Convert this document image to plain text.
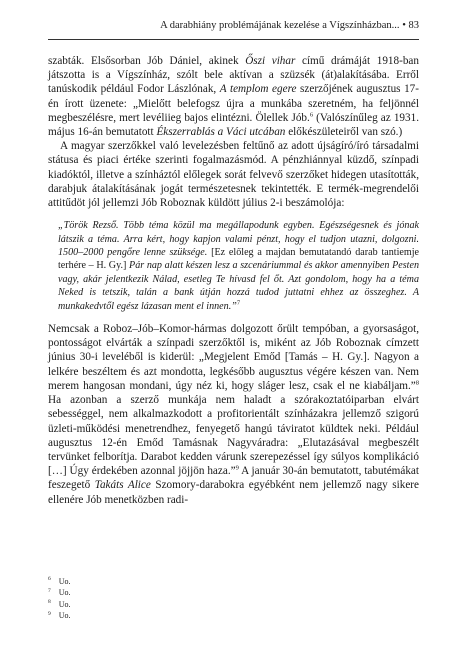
A darabhiány problémájának kezelése a Vígszínházban... • 83

szabták. Elsősorban Jób Dániel, akinek Őszi vihar című drámáját 1918-ban játszotta is a Vígszínház, szólt bele aktívan a szüzsék (át)alakításába. Erről tanúskodik például Fodor Lászlónak, A templom egere szerzőjének augusztus 17-én írott üzenete: „Mielőtt belefogsz újra a munkába szeretném, ha feljönnél megbeszélésre, mert levéliieg bajos elintézni. Ölellek Jób.$^6$ (Valószínűleg az 1931. május 16-án bemutatott Ékszerrablás a Váci utcában előkészületeiről van szó.)

A magyar szerzőkkel való levelezésben feltűnő az adott újságíró/író társadalmi státusa és piaci értéke szerinti fogalmazásmód. A pénzhiánnyal küzdő, színpadi kiadóktól, illetve a színháztól előlegek sorát felvevő szerzőket hidegen utasították, darabjuk átalakításának jogát természetesnek tekintették. E termék-megrendelői attitűdöt jól jellemzi Jób Roboznak küldött július 2-i beszámolója:

„Török Rezső. Több téma közül ma megállapodunk egyben. Egészségesnek és jónak látszik a téma. Arra kért, hogy kapjon valami pénzt, hogy el tudjon utazni, dolgozni. 1500–2000 pengőre lenne szüksége. [Ez előleg a majdan bemutatandó darab tantiemje terhére – H. Gy.] Pár nap alatt készen lesz a szcenáriummal és akkor amennyiben Pesten vagy, akár jelentkezik Nálad, esetleg Te hívasd fel őt. Azt gondolom, hogy ha a téma Neked is tetszik, talán a bank útján hozzá tudod juttatni ehhez az összeghez. A munkakedvtől egész lázasan ment el innen.”$^7$

Nemcsak a Roboz–Jób–Komor-hármas dolgozott őrült tempóban, a gyorsaságot, pontosságot elvárták a színpadi szerzőktől is, miként az Jób Roboznak címzett június 30-i leveléből is kiderül: „Megjelent Emőd [Tamás – H. Gy.]. Nagyon a lelkére beszéltem és azt mondotta, legkésőbb augusztus végére készen van. Nem merem hangosan mondani, úgy néz ki, hogy sláger lesz, csak el ne kiabáljam.”$^8$ Ha azonban a szerző munkája nem haladt a szórakoztatóiparban elvárt sebességgel, nem alkalmazkodott a profitorientált színházakra jellemző szigorú üzleti-működési menetrendhez, fenyegető hangú táviratot küldtek neki. Például augusztus 12-én Emőd Tamásnak Nagyváradra: „Elutazásával megbeszélt tervünket felborítja. Darabot kedden várunk szerepezéssel így súlyos komplikáció […] Úgy érdekében azonnal jöjjön haza.”$^9$ A január 30-án bemutatott, tabutémákat feszegető Takáts Alice Szomory-darabokra egyébként nem jellemző nagy sikere ellenére Jób menetközben radi-

$^6$ Uo.
$^7$ Uo.
$^8$ Uo.
$^9$ Uo.
